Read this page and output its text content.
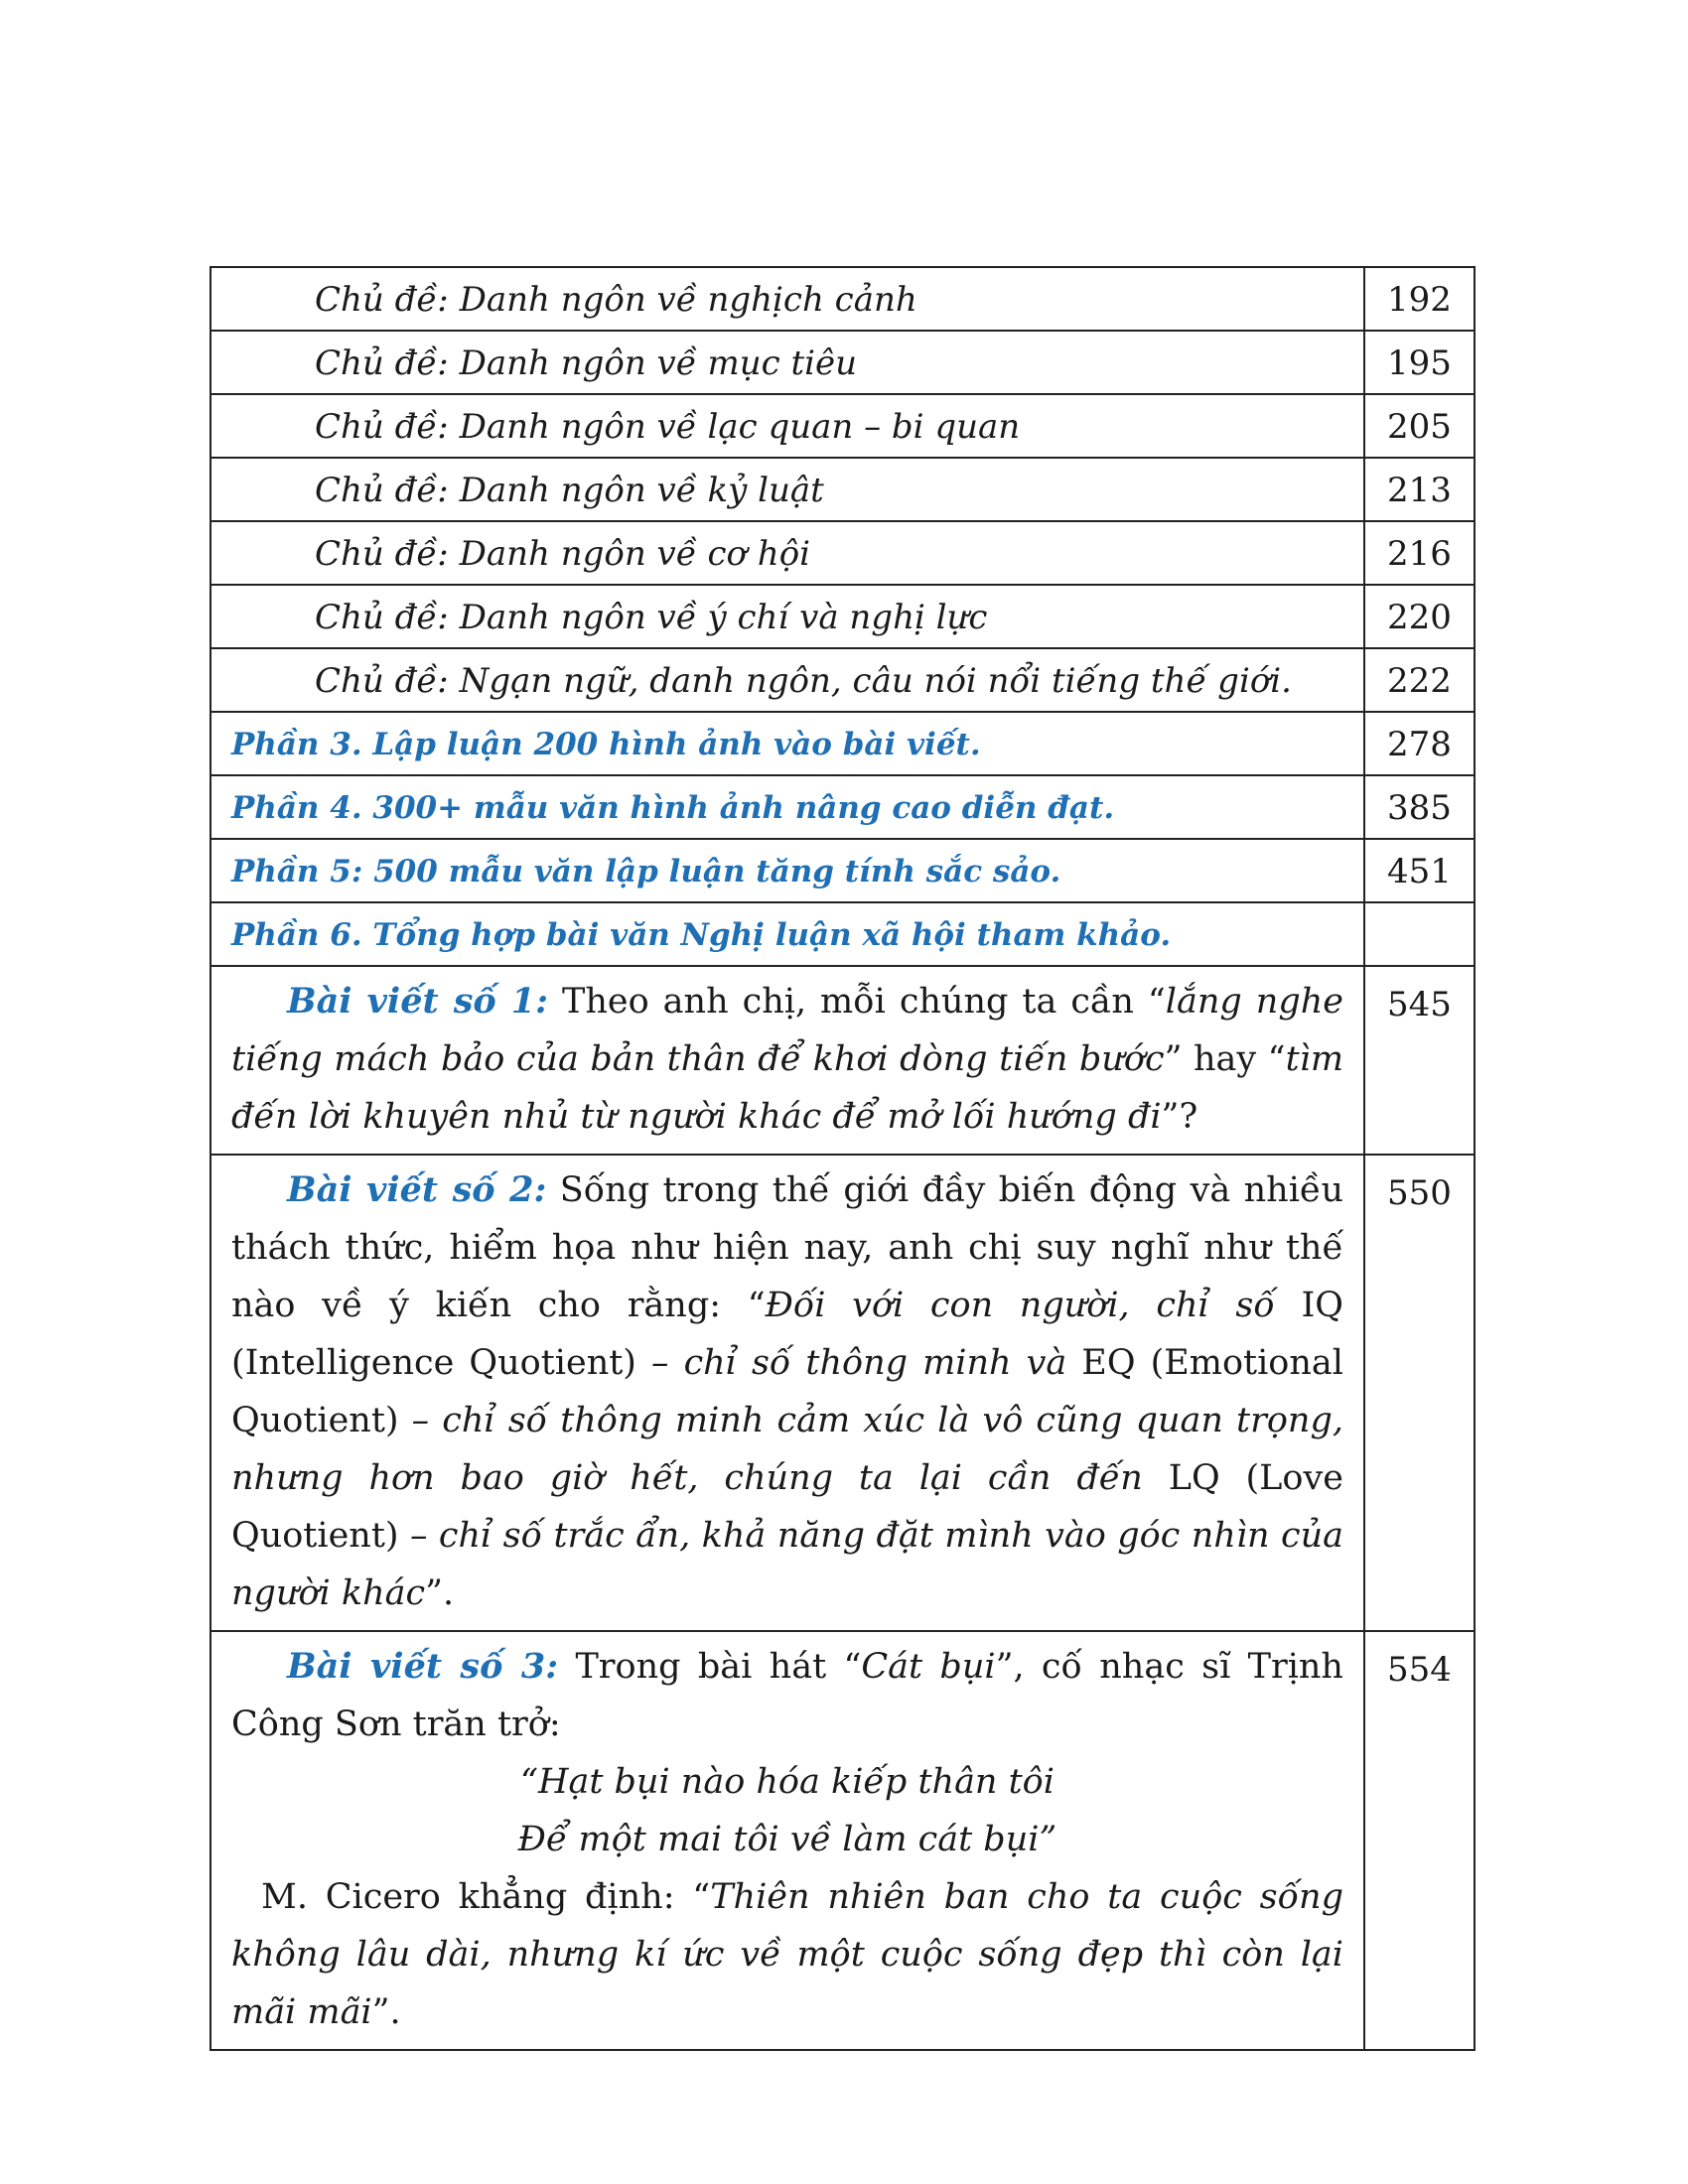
Chủ đề: Danh ngôn về nghịch cảnh	192
Chủ đề: Danh ngôn về mục tiêu	195
Chủ đề: Danh ngôn về lạc quan – bi quan	205
Chủ đề: Danh ngôn về kỷ luật	213
Chủ đề: Danh ngôn về cơ hội	216
Chủ đề: Danh ngôn về ý chí và nghị lực	220
Chủ đề: Ngạn ngữ, danh ngôn, câu nói nổi tiếng thế giới.	222
Phần 3. Lập luận 200 hình ảnh vào bài viết.	278
Phần 4. 300+ mẫu văn hình ảnh nâng cao diễn đạt.	385
Phần 5: 500 mẫu văn lập luận tăng tính sắc sảo.	451
Phần 6. Tổng hợp bài văn Nghị luận xã hội tham khảo.	
Bài viết số 1: Theo anh chị, mỗi chúng ta cần “lắng nghe tiếng mách bảo của bản thân để khơi dòng tiến bước” hay “tìm đến lời khuyên nhủ từ người khác để mở lối hướng đi”?	545
Bài viết số 2: Sống trong thế giới đầy biến động và nhiều thách thức, hiểm họa như hiện nay, anh chị suy nghĩ như thế nào về ý kiến cho rằng: “Đối với con người, chỉ số IQ (Intelligence Quotient) – chỉ số thông minh và EQ (Emotional Quotient) – chỉ số thông minh cảm xúc là vô cũng quan trọng, nhưng hơn bao giờ hết, chúng ta lại cần đến LQ (Love Quotient) – chỉ số trắc ẩn, khả năng đặt mình vào góc nhìn của người khác”.	550

Bài viết số 3: Trong bài hát “Cát bụi”, cố nhạc sĩ Trịnh Công Sơn trăn trở:
“Hạt bụi nào hóa kiếp thân tôi
Để một mai tôi về làm cát bụi”
M. Cicero khẳng định: “Thiên nhiên ban cho ta cuộc sống không lâu dài, nhưng kí ức về một cuộc sống đẹp thì còn lại mãi mãi”.	554
